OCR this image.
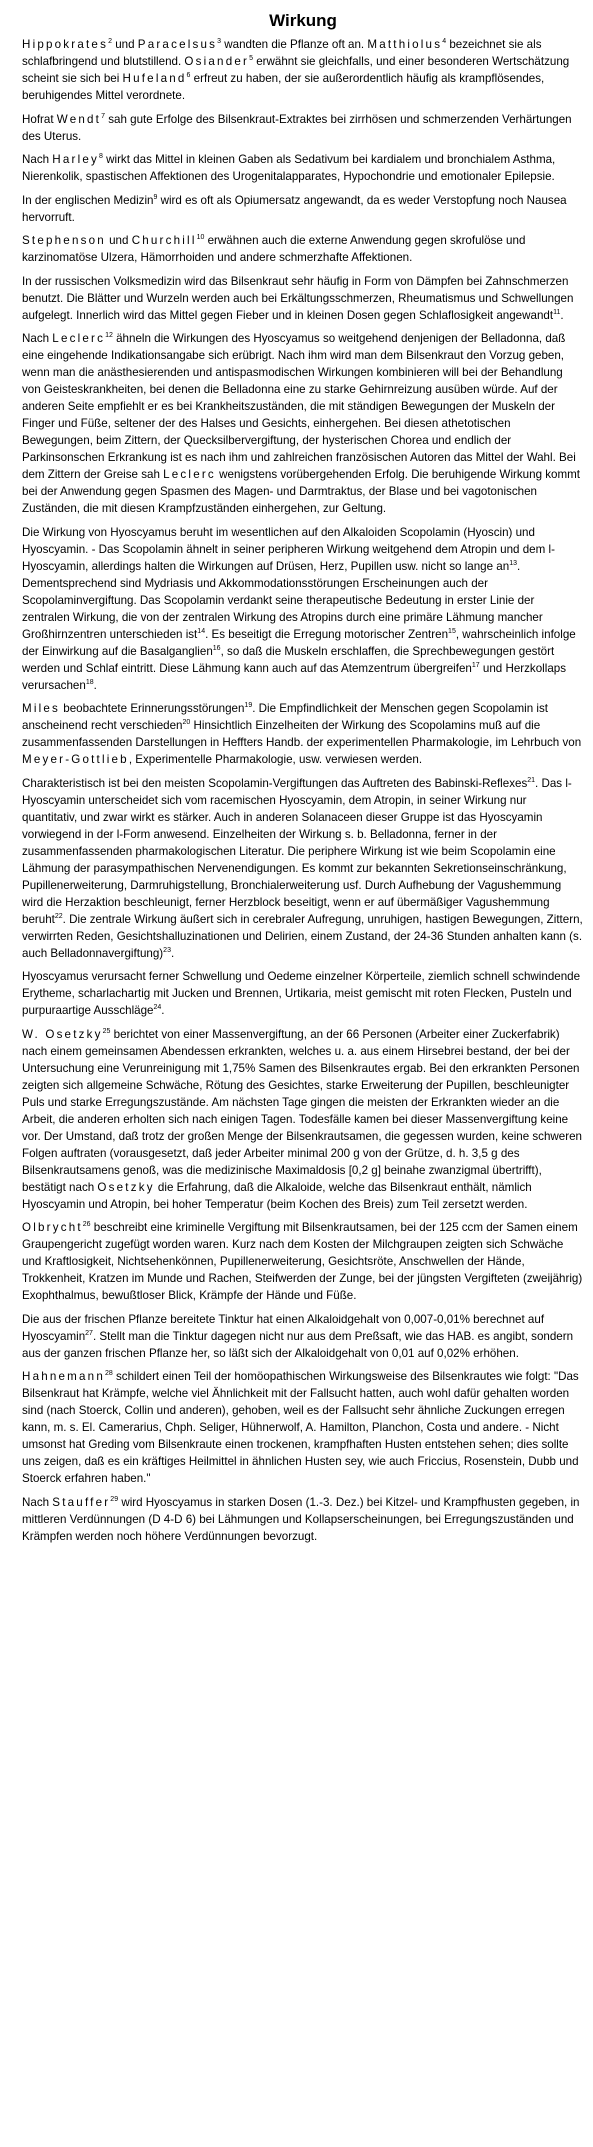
Wirkung

Hippokrates$^2$ und Paracelsus$^3$ wandten die Pflanze oft an. Matthiolus$^4$ bezeichnet sie als schlafbringend und blutstillend. Osiander$^5$ erwähnt sie gleichfalls, und einer besonderen Wertschätzung scheint sie sich bei Hufeland$^6$ erfreut zu haben, der sie außerordentlich häufig als krampflösendes, beruhigendes Mittel verordnete.

Hofrat Wendt$^7$ sah gute Erfolge des Bilsenkraut-Extraktes bei zirrhösen und schmerzenden Verhärtungen des Uterus.

Nach Harley$^8$ wirkt das Mittel in kleinen Gaben als Sedativum bei kardialem und bronchialem Asthma, Nierenkolik, spastischen Affektionen des Urogenitalapparates, Hypochondrie und emotionaler Epilepsie.

In der englischen Medizin$^9$ wird es oft als Opiumersatz angewandt, da es weder Verstopfung noch Nausea hervorruft.

Stephenson und Churchill$^{10}$ erwähnen auch die externe Anwendung gegen skrofulöse und karzinomatöse Ulzera, Hämorrhoiden und andere schmerzhafte Affektionen.

In der russischen Volksmedizin wird das Bilsenkraut sehr häufig in Form von Dämpfen bei Zahnschmerzen benutzt. Die Blätter und Wurzeln werden auch bei Erkältungsschmerzen, Rheumatismus und Schwellungen aufgelegt. Innerlich wird das Mittel gegen Fieber und in kleinen Dosen gegen Schlaflosigkeit angewandt$^{11}$.

Nach Leclerc$^{12}$ ähneln die Wirkungen des Hyoscyamus so weitgehend denjenigen der Belladonna, daß eine eingehende Indikationsangabe sich erübrigt. Nach ihm wird man dem Bilsenkraut den Vorzug geben, wenn man die anästhesierenden und antispasmodischen Wirkungen kombinieren will bei der Behandlung von Geisteskrankheiten, bei denen die Belladonna eine zu starke Gehirnreizung ausüben würde. Auf der anderen Seite empfiehlt er es bei Krankheitszuständen, die mit ständigen Bewegungen der Muskeln der Finger und Füße, seltener der des Halses und Gesichts, einhergehen. Bei diesen athetotischen Bewegungen, beim Zittern, der Quecksilbervergiftung, der hysterischen Chorea und endlich der Parkinsonschen Erkrankung ist es nach ihm und zahlreichen französischen Autoren das Mittel der Wahl. Bei dem Zittern der Greise sah Leclerc wenigstens vorübergehenden Erfolg. Die beruhigende Wirkung kommt bei der Anwendung gegen Spasmen des Magen- und Darmtraktus, der Blase und bei vagotonischen Zuständen, die mit diesen Krampfzuständen einhergehen, zur Geltung.

Die Wirkung von Hyoscyamus beruht im wesentlichen auf den Alkaloiden Scopolamin (Hyoscin) und Hyoscyamin. - Das Scopolamin ähnelt in seiner peripheren Wirkung weitgehend dem Atropin und dem l-Hyoscyamin, allerdings halten die Wirkungen auf Drüsen, Herz, Pupillen usw. nicht so lange $an^{13}$. Dementsprechend sind Mydriasis und Akkommodationsstörungen Erscheinungen auch der Scopolaminvergiftung. Das Scopolamin verdankt seine therapeutische Bedeutung in erster Linie der zentralen Wirkung, die von der zentralen Wirkung des Atropins durch eine primäre Lähmung mancher Großhirnzentren unterschieden ist$^{14}$. Es beseitigt die Erregung motorischer Zentren$^{15}$, wahrscheinlich infolge der Einwirkung auf die Basalganglien$^{16}$, so daß die Muskeln erschlaffen, die Sprechbewegungen gestört werden und Schlaf eintritt. Diese Lähmung kann auch auf das Atemzentrum übergreifen$^{17}$ und Herzkollaps verursachen$^{18}$.

Miles beobachtete Erinnerungsstörungen$^{19}$. Die Empfindlichkeit der Menschen gegen Scopolamin ist anscheinend recht verschieden$^{20}$ Hinsichtlich Einzelheiten der Wirkung des Scopolamins muß auf die zusammenfassenden Darstellungen in Heffters Handb. der experimentellen Pharmakologie, im Lehrbuch von Meyer-Gottlieb, Experimentelle Pharmakologie, usw. verwiesen werden.

Charakteristisch ist bei den meisten Scopolamin-Vergiftungen das Auftreten des Babinski-Reflexes$^{21}$. Das l-Hyoscyamin unterscheidet sich vom racemischen Hyoscyamin, dem Atropin, in seiner Wirkung nur quantitativ, und zwar wirkt es stärker. Auch in anderen Solanaceen dieser Gruppe ist das Hyoscyamin vorwiegend in der l-Form anwesend. Einzelheiten der Wirkung s. b. Belladonna, ferner in der zusammenfassenden pharmakologischen Literatur. Die periphere Wirkung ist wie beim Scopolamin eine Lähmung der parasympathischen Nervenendigungen. Es kommt zur bekannten Sekretionseinschränkung, Pupillenerweiterung, Darmruhigstellung, Bronchialerweiterung usf. Durch Aufhebung der Vagushemmung wird die Herzaktion beschleunigt, ferner Herzblock beseitigt, wenn er auf übermäßiger Vagushemmung beruht$^{22}$. Die zentrale Wirkung äußert sich in cerebraler Aufregung, unruhigen, hastigen Bewegungen, Zittern, verwirrten Reden, Gesichtshalluzinationen und Delirien, einem Zustand, der 24-36 Stunden anhalten kann (s. auch Belladonnavergiftung)$^{23}$.

Hyoscyamus verursacht ferner Schwellung und Oedeme einzelner Körperteile, ziemlich schnell schwindende Erytheme, scharlachartig mit Jucken und Brennen, Urtikaria, meist gemischt mit roten Flecken, Pusteln und purpuraartige Ausschläge$^{24}$.

W. Osetzky$^{25}$ berichtet von einer Massenvergiftung, an der 66 Personen (Arbeiter einer Zuckerfabrik) nach einem gemeinsamen Abendessen erkrankten, welches u. a. aus einem Hirsebrei bestand, der bei der Untersuchung eine Verunreinigung mit 1,75% Samen des Bilsenkrautes ergab. Bei den erkrankten Personen zeigten sich allgemeine Schwäche, Rötung des Gesichtes, starke Erweiterung der Pupillen, beschleunigter Puls und starke Erregungszustände. Am nächsten Tage gingen die meisten der Erkrankten wieder an die Arbeit, die anderen erholten sich nach einigen Tagen. Todesfälle kamen bei dieser Massenvergiftung keine vor. Der Umstand, daß trotz der großen Menge der Bilsenkrautsamen, die gegessen wurden, keine schweren Folgen auftraten (vorausgesetzt, daß jeder Arbeiter minimal 200 g von der Grütze, d. h. 3,5 g des Bilsenkrautsamens genoß, was die medizinische Maximaldosis [0,2 g] beinahe zwanzigmal übertrifft), bestätigt nach Osetzky die Erfahrung, daß die Alkaloide, welche das Bilsenkraut enthält, nämlich Hyoscyamin und Atropin, bei hoher Temperatur (beim Kochen des Breis) zum Teil zersetzt werden.

Olbrycht$^{26}$ beschreibt eine kriminelle Vergiftung mit Bilsenkrautsamen, bei der 125 ccm der Samen einem Graupengericht zugefügt worden waren. Kurz nach dem Kosten der Milchgraupen zeigten sich Schwäche und Kraftlosigkeit, Nichtsehenkönnen, Pupillenerweiterung, Gesichtsröte, Anschwellen der Hände, Trokkenheit, Kratzen im Munde und Rachen, Steifwerden der Zunge, bei der jüngsten Vergifteten (zweijährig) Exophthalmus, bewußtloser Blick, Krämpfe der Hände und Füße.

Die aus der frischen Pflanze bereitete Tinktur hat einen Alkaloidgehalt von 0,007-0,01% berechnet auf Hyoscyamin$^{27}$. Stellt man die Tinktur dagegen nicht nur aus dem Preßsaft, wie das HAB. es angibt, sondern aus der ganzen frischen Pflanze her, so läßt sich der Alkaloidgehalt von 0,01 auf 0,02% erhöhen.

Hahnemann$^{28}$ schildert einen Teil der homöopathischen Wirkungsweise des Bilsenkrautes wie folgt: "Das Bilsenkraut hat Krämpfe, welche viel Ähnlichkeit mit der Fallsucht hatten, auch wohl dafür gehalten worden sind (nach Stoerck, Collin und anderen), gehoben, weil es der Fallsucht sehr ähnliche Zuckungen erregen kann, m. s. El. Camerarius, Chph. Seliger, Hühnerwolf, A. Hamilton, Planchon, Costa und andere. - Nicht umsonst hat Greding vom Bilsenkraute einen trockenen, krampfhaften Husten entstehen sehen; dies sollte uns zeigen, daß es ein kräftiges Heilmittel in ähnlichen Husten sey, wie auch Friccius, Rosenstein, Dubb und Stoerck erfahren haben."

Nach Stauffer$^{29}$ wird Hyoscyamus in starken Dosen (1.-3. Dez.) bei Kitzel- und Krampfhusten gegeben, in mittleren Verdünnungen (D 4-D 6) bei Lähmungen und Kollapserscheinungen, bei Erregungszuständen und Krämpfen werden noch höhere Verdünnungen bevorzugt.
